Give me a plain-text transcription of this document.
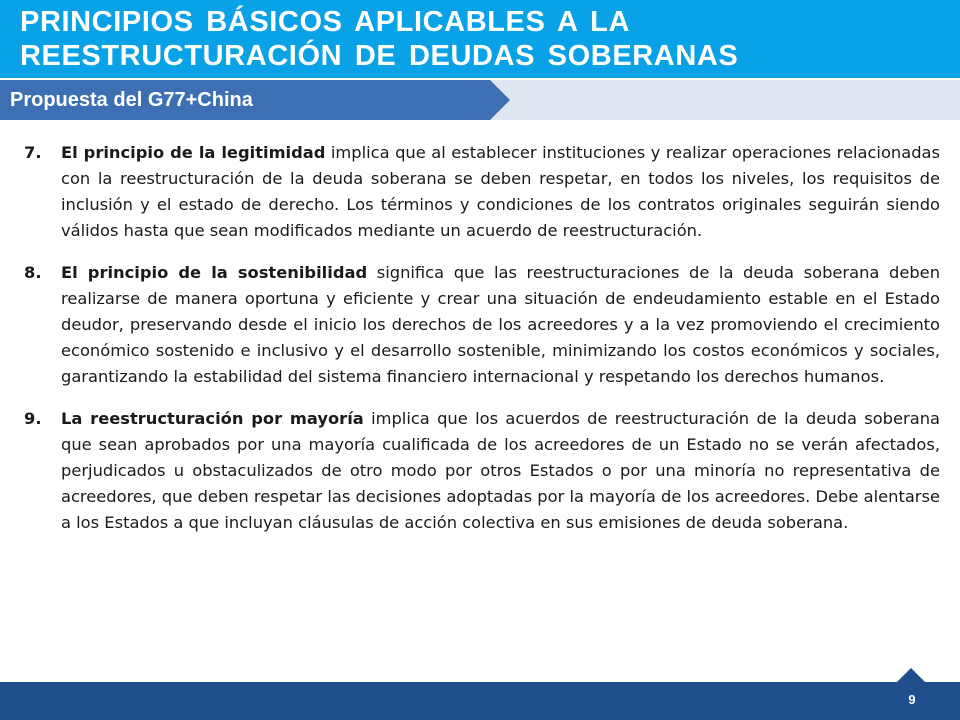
PRINCIPIOS BÁSICOS APLICABLES A LA REESTRUCTURACIÓN DE DEUDAS SOBERANAS
Propuesta del G77+China
7.	El principio de la legitimidad implica que al establecer instituciones y realizar operaciones relacionadas con la reestructuración de la deuda soberana se deben respetar, en todos los niveles, los requisitos de inclusión y el estado de derecho. Los términos y condiciones de los contratos originales seguirán siendo válidos hasta que sean modificados mediante un acuerdo de reestructuración.
8.	El principio de la sostenibilidad significa que las reestructuraciones de la deuda soberana deben realizarse de manera oportuna y eficiente y crear una situación de endeudamiento estable en el Estado deudor, preservando desde el inicio los derechos de los acreedores y a la vez promoviendo el crecimiento económico sostenido e inclusivo y el desarrollo sostenible, minimizando los costos económicos y sociales, garantizando la estabilidad del sistema financiero internacional y respetando los derechos humanos.
9.	La reestructuración por mayoría implica que los acuerdos de reestructuración de la deuda soberana que sean aprobados por una mayoría cualificada de los acreedores de un Estado no se verán afectados, perjudicados u obstaculizados de otro modo por otros Estados o por una minoría no representativa de acreedores, que deben respetar las decisiones adoptadas por la mayoría de los acreedores. Debe alentarse a los Estados a que incluyan cláusulas de acción colectiva en sus emisiones de deuda soberana.
9
